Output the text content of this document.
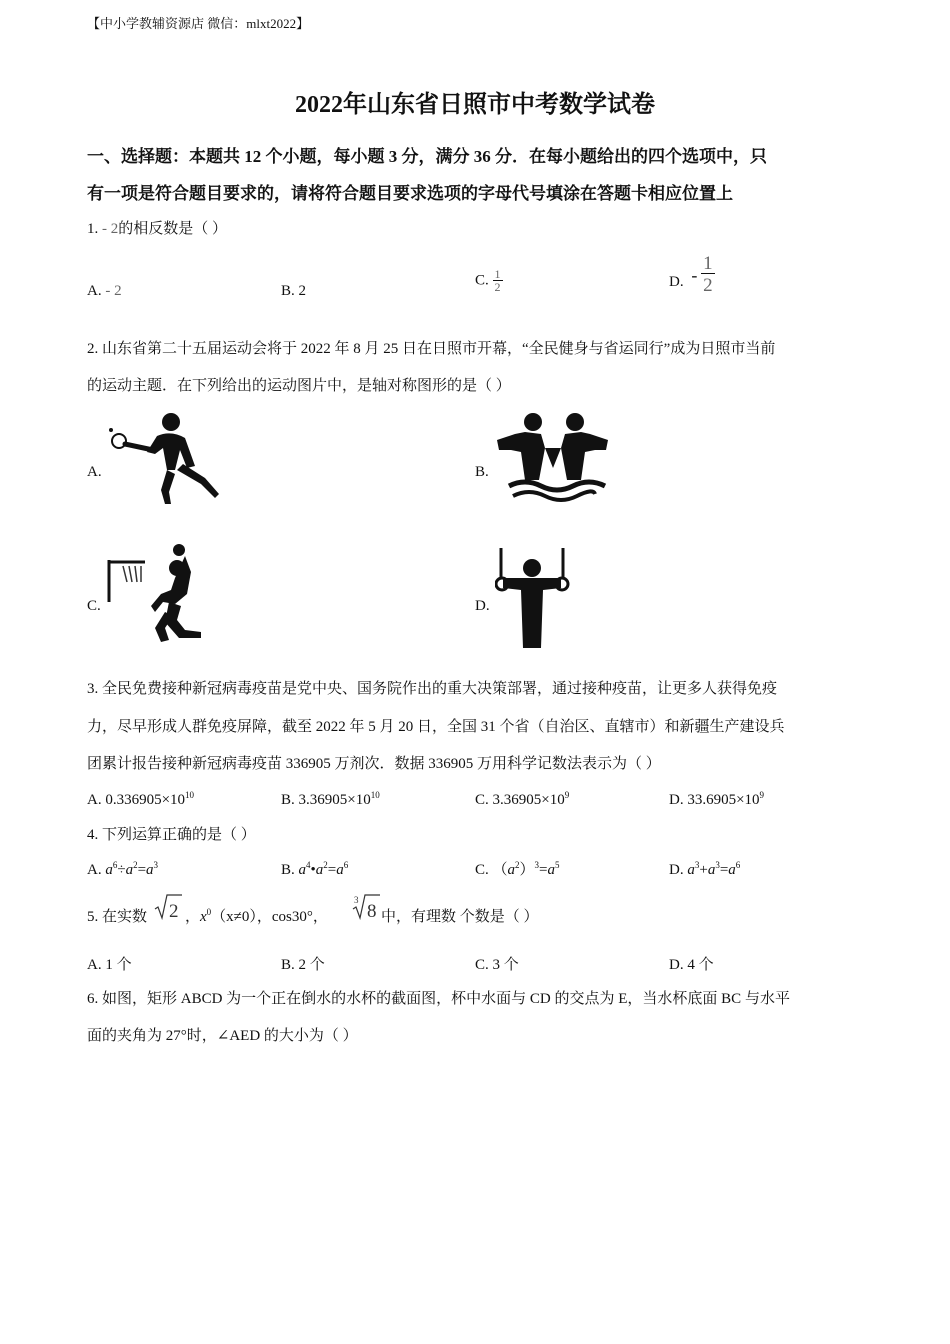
【中小学教辅资源店 微信：mlxt2022】
2022年山东省日照市中考数学试卷
一、选择题：本题共 12 个小题，每小题 3 分，满分 36 分．在每小题给出的四个选项中，只
有一项是符合题目要求的，请将符合题目要求选项的字母代号填涂在答题卡相应位置上
1. - 2的相反数是（ ）
A. - 2	B. 2
C. $\frac{1}{2}$	D. - $\frac{1}{2}$
2. 山东省第二十五届运动会将于 2022 年 8 月 25 日在日照市开幕，“全民健身与省运同行”成为日照市当前
的运动主题．在下列给出的运动图片中，是轴对称图形的是（ ）
A.	B.
C.	D.
3. 全民免费接种新冠病毒疫苗是党中央、国务院作出的重大决策部署，通过接种疫苗，让更多人获得免疫
力，尽早形成人群免疫屏障，截至 2022 年 5 月 20 日，全国 31 个省（自治区、直辖市）和新疆生产建设兵
团累计报告接种新冠病毒疫苗 336905 万剂次．数据 336905 万用科学记数法表示为（ ）
A. $0.336905\times 10^{10}$	B. $3.36905\times 10^{10}$	C. $3.36905\times 10^9$	D. $33.6905\times 10^9$
4. 下列运算正确的是（ ）
A. $a^6\div a^2=a^3$	B. $a^4•a^2=a^6$	C. $(a^2)^3=a^5$	D. $a^3+a^3=a^6$
5. 在实数 2 ， $x^0(x\ne 0)$，cos30°，
3
8 中，有理数 个数是（ ）
A. 1 个	B. 2 个	C. 3 个	D. 4 个
6. 如图，矩形 ABCD 为一个正在倒水的水杯的截面图，杯中水面与 CD 的交点为 E，当水杯底面 BC 与水平
面的夹角为 27°时，∠AED 的大小为（ ）
